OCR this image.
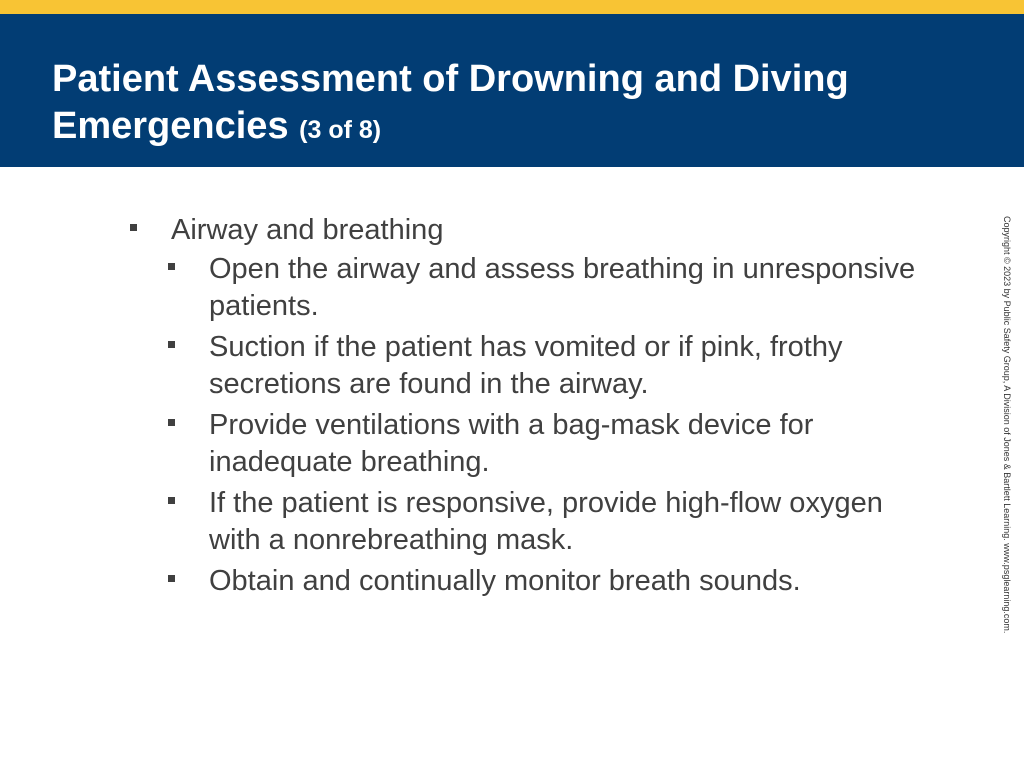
Patient Assessment of Drowning and Diving Emergencies (3 of 8)
Airway and breathing
Open the airway and assess breathing in unresponsive patients.
Suction if the patient has vomited or if pink, frothy secretions are found in the airway.
Provide ventilations with a bag-mask device for inadequate breathing.
If the patient is responsive, provide high-flow oxygen with a nonrebreathing mask.
Obtain and continually monitor breath sounds.	Copyright © 2023 by Public Safety Group, A Division of Jones & Bartlett Learning. www.psglearning.com.
